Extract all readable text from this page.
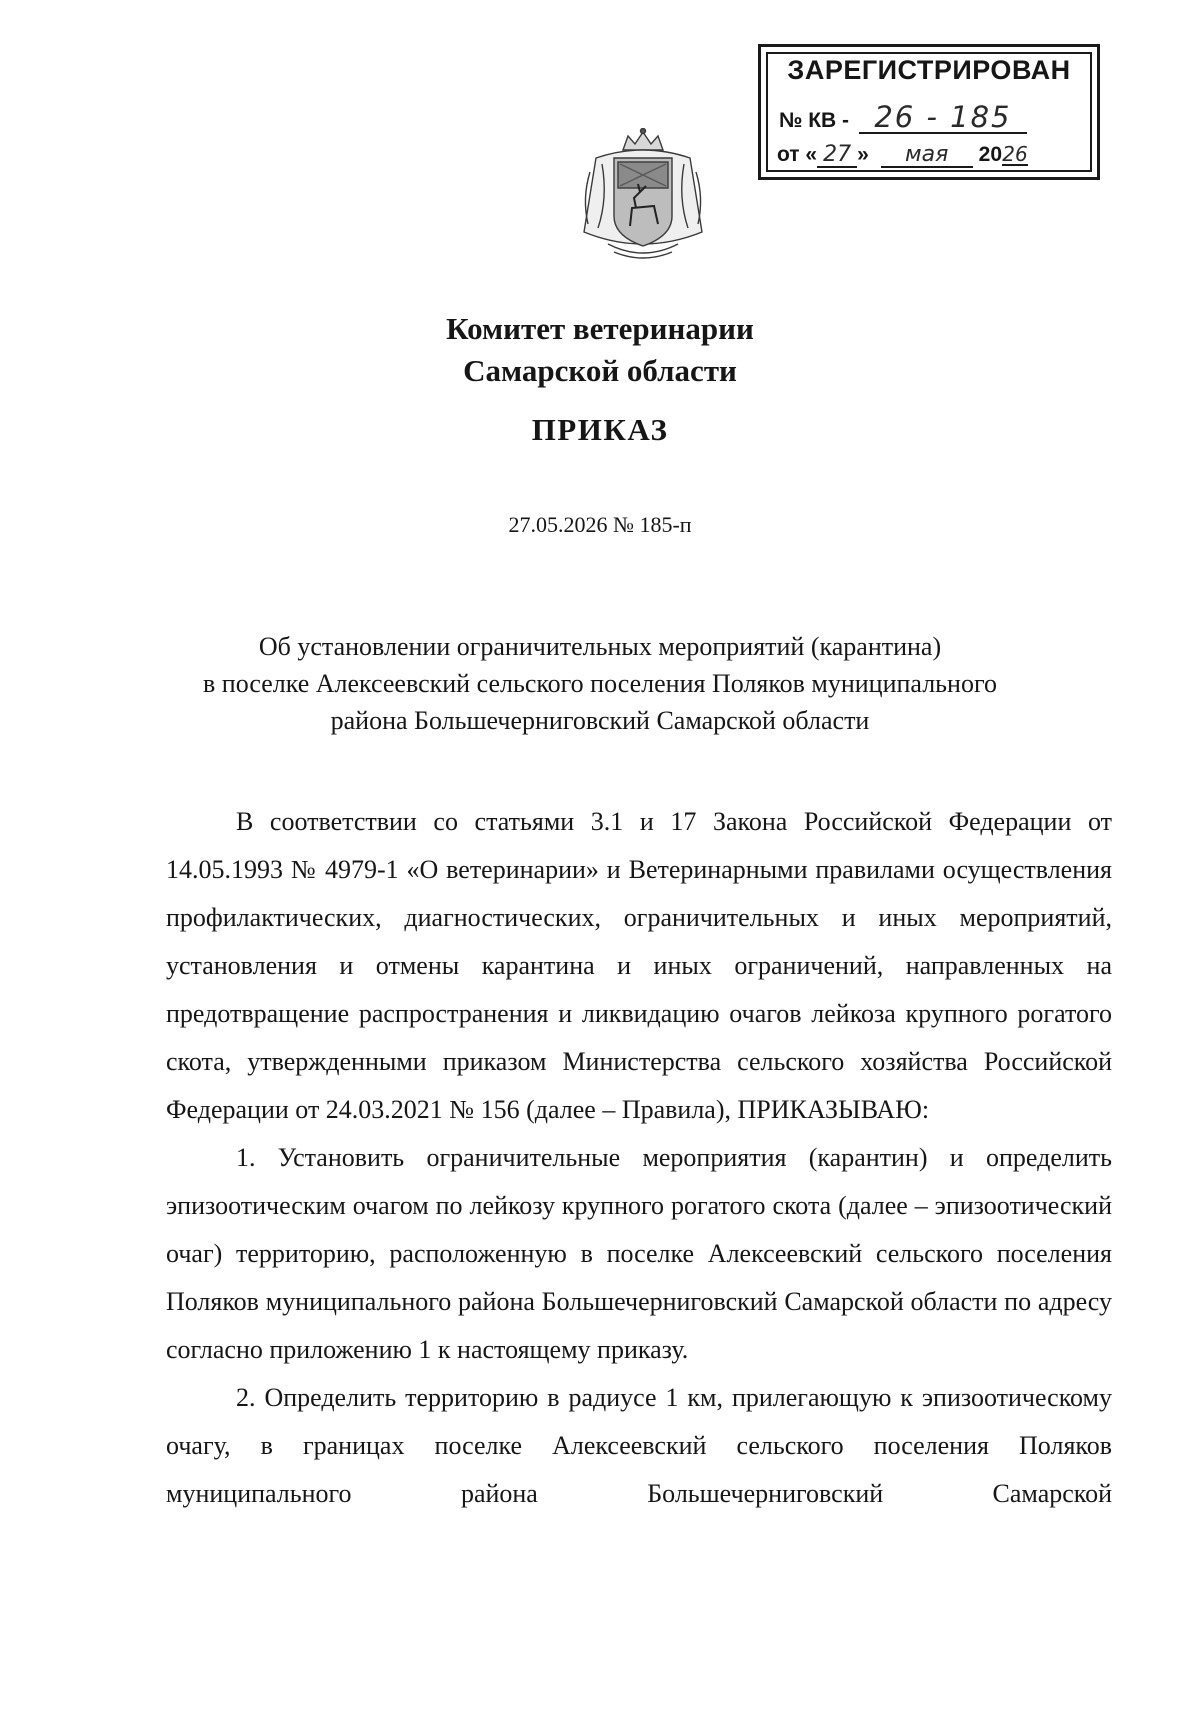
ЗАРЕГИСТРИРОВАН
№ КВ - 26 - 185
от « 27 » мая 2026
Комитет ветеринарии
Самарской области
ПРИКАЗ
27.05.2026 № 185-п
Об установлении ограничительных мероприятий (карантина)
в поселке Алексеевский сельского поселения Поляков муниципального
района Большечерниговский Самарской области

В соответствии со статьями 3.1 и 17 Закона Российской Федерации от 14.05.1993 № 4979-1 «О ветеринарии» и Ветеринарными правилами осуществления профилактических, диагностических, ограничительных и иных мероприятий, установления и отмены карантина и иных ограничений, направленных на предотвращение распространения и ликвидацию очагов лейкоза крупного рогатого скота, утвержденными приказом Министерства сельского хозяйства Российской Федерации от 24.03.2021 № 156 (далее – Правила), ПРИКАЗЫВАЮ:

1. Установить ограничительные мероприятия (карантин) и определить эпизоотическим очагом по лейкозу крупного рогатого скота (далее – эпизоотический очаг) территорию, расположенную в поселке Алексеевский сельского поселения Поляков муниципального района Большечерниговский Самарской области по адресу согласно приложению 1 к настоящему приказу.

2. Определить территорию в радиусе 1 км, прилегающую к эпизоотическому очагу, в границах поселке Алексеевский сельского поселения Поляков муниципального района Большечерниговский Самарской
